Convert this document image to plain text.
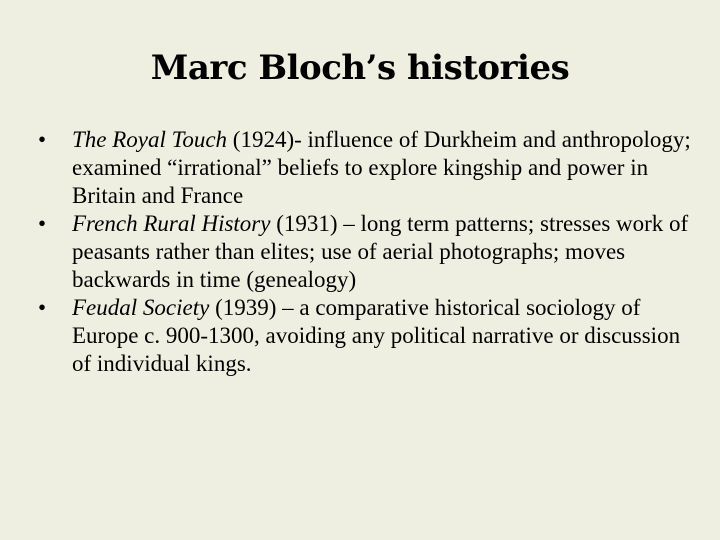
Marc Bloch’s histories
•	The Royal Touch (1924)- influence of Durkheim and anthropology; examined “irrational” beliefs to explore kingship and power in Britain and France
•	French Rural History (1931) – long term patterns; stresses work of peasants rather than elites; use of aerial photographs; moves backwards in time (genealogy)
•	Feudal Society (1939) – a comparative historical sociology of Europe c. 900-1300, avoiding any political narrative or discussion of individual kings.
